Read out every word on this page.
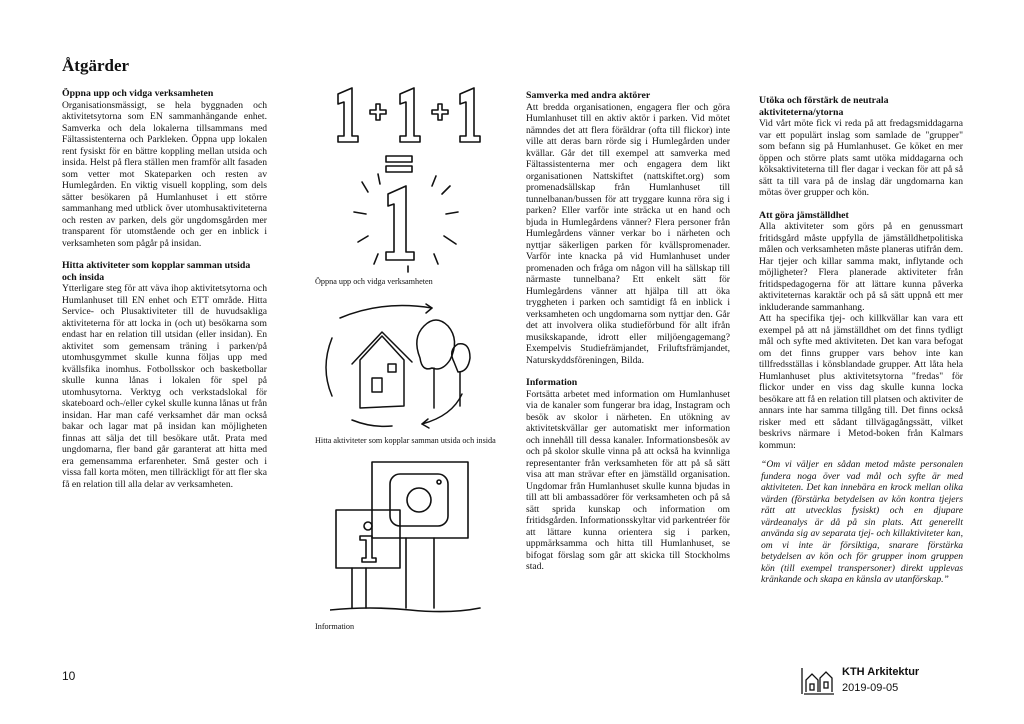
Åtgärder
Öppna upp och vidga verksamheten

Organisationsmässigt, se hela byggnaden och aktivitetsytorna som EN sammanhängande enhet. Samverka och dela lokalerna tillsammans med Fältassistenterna och Parkleken. Öppna upp lokalen rent fysiskt för en bättre koppling mellan utsida och insida. Helst på flera ställen men framför allt fasaden som vetter mot Skateparken och resten av Humlegården. En viktig visuell koppling, som dels sätter besökaren på Humlanhuset i ett större sammanhang med utblick över utomhusaktiviteterna och resten av parken, dels gör ungdomsgården mer transparent för utomstående och ger en inblick i verksamheten som pågår på insidan.

Hitta aktiviteter som kopplar samman utsida och insida

Ytterligare steg för att väva ihop aktivitetsytorna och Humlanhuset till EN enhet och ETT område. Hitta Service- och Plusaktiviteter till de huvudsakliga aktiviteterna för att locka in (och ut) besökarna som endast har en relation till utsidan (eller insidan). En aktivitet som gemensam träning i parken/på utomhusgymmet skulle kunna följas upp med kvällsfika inomhus. Fotbollsskor och basketbollar skulle kunna lånas i lokalen för spel på utomhusytorna. Verktyg och verkstadslokal för skateboard och-/eller cykel skulle kunna lånas ut från insidan. Har man café verksamhet där man också bakar och lagar mat på insidan kan möjligheten finnas att sälja det till besökare utåt. Prata med ungdomarna, fler band går garanterat att hitta med era gemensamma erfarenheter. Små gester och i vissa fall korta möten, men tillräckligt för att fler ska få en relation till alla delar av verksamheten.

Öppna upp och vidga verksamheten
Hitta aktiviteter som kopplar samman utsida och insida
Information
Samverka med andra aktörer

Att bredda organisationen, engagera fler och göra Humlanhuset till en aktiv aktör i parken. Vid mötet nämndes det att flera föräldrar (ofta till flickor) inte ville att deras barn rörde sig i Humlegården under kvällar. Går det till exempel att samverka med Fältassistenterna mer och engagera dem likt organisationen Nattskiftet (nattskiftet.org) som promenadsällskap från Humlanhuset till tunnelbanan/bussen för att tryggare kunna röra sig i parken? Eller varför inte sträcka ut en hand och bjuda in Humlegårdens vänner? Flera personer från Humlegårdens vänner verkar bo i närheten och nyttjar säkerligen parken för kvällspromenader. Varför inte knacka på vid Humlanhuset under promenaden och fråga om någon vill ha sällskap till närmaste tunnelbana? Ett enkelt sätt för Humlegårdens vänner att hjälpa till att öka tryggheten i parken och samtidigt få en inblick i verksamheten och ungdomarna som nyttjar den. Går det att involvera olika studieförbund för allt ifrån musikskapande, idrott eller miljöengagemang? Exempelvis Studiefrämjandet, Friluftsfrämjandet, Naturskyddsföreningen, Bilda.

Information

Fortsätta arbetet med information om Humlanhuset via de kanaler som fungerar bra idag, Instagram och besök av skolor i närheten. En utökning av aktivitetskvällar ger automatiskt mer information och innehåll till dessa kanaler. Informationsbesök av och på skolor skulle vinna på att också ha kvinnliga representanter från verksamheten för att på så sätt visa att man strävar efter en jämställd organisation. Ungdomar från Humlanhuset skulle kunna bjudas in till att bli ambassadörer för verksamheten och på så sätt sprida kunskap och information om fritidsgården. Informationsskyltar vid parkentréer för att lättare kunna orientera sig i parken, uppmärksamma och hitta till Humlanhuset, se bifogat förslag som går att skicka till Stockholms stad.

Utöka och förstärk de neutrala aktiviteterna/ytorna

Vid vårt möte fick vi reda på att fredagsmiddagarna var ett populärt inslag som samlade de "grupper" som befann sig på Humlanhuset. Ge köket en mer öppen och större plats samt utöka middagarna och köksaktiviteterna till fler dagar i veckan för att på så sätt ta till vara på de inslag där ungdomarna kan mötas över grupper och kön.

Att göra jämställdhet

Alla aktiviteter som görs på en genussmart fritidsgård måste uppfylla de jämställdhetpolitiska målen och verksamheten måste planeras utifrån dem. Har tjejer och killar samma makt, inflytande och möjligheter? Flera planerade aktiviteter från fritidspedagogerna för att lättare kunna påverka aktiviteternas karaktär och på så sätt uppnå ett mer inkluderande sammanhang.

Att ha specifika tjej- och killkvällar kan vara ett exempel på att nå jämställdhet om det finns tydligt mål och syfte med aktiviteten. Det kan vara befogat om det finns grupper vars behov inte kan tillfredsställas i könsblandade grupper. Att låta hela Humlanhuset plus aktivitetsytorna "fredas" för flickor under en viss dag skulle kunna locka besökare att få en relation till platsen och aktiviter de annars inte har samma tillgång till. Det finns också risker med ett sådant tillvägagångssätt, vilket beskrivs närmare i Metod-boken från Kalmars kommun:

“Om vi väljer en sådan metod måste personalen fundera noga över vad mål och syfte är med aktiviteten. Det kan innebära en krock mellan olika värden (förstärka betydelsen av kön kontra tjejers rätt att utvecklas fysiskt) och en djupare värdeanalys är då på sin plats. Att generellt använda sig av separata tjej- och killaktiviteter kan, om vi inte är försiktiga, snarare förstärka betydelsen av kön och för grupper inom gruppen kön (till exempel transpersoner) direkt upplevas kränkande och skapa en känsla av utanförskap.”

10	KTH Arkitektur
2019-09-05
